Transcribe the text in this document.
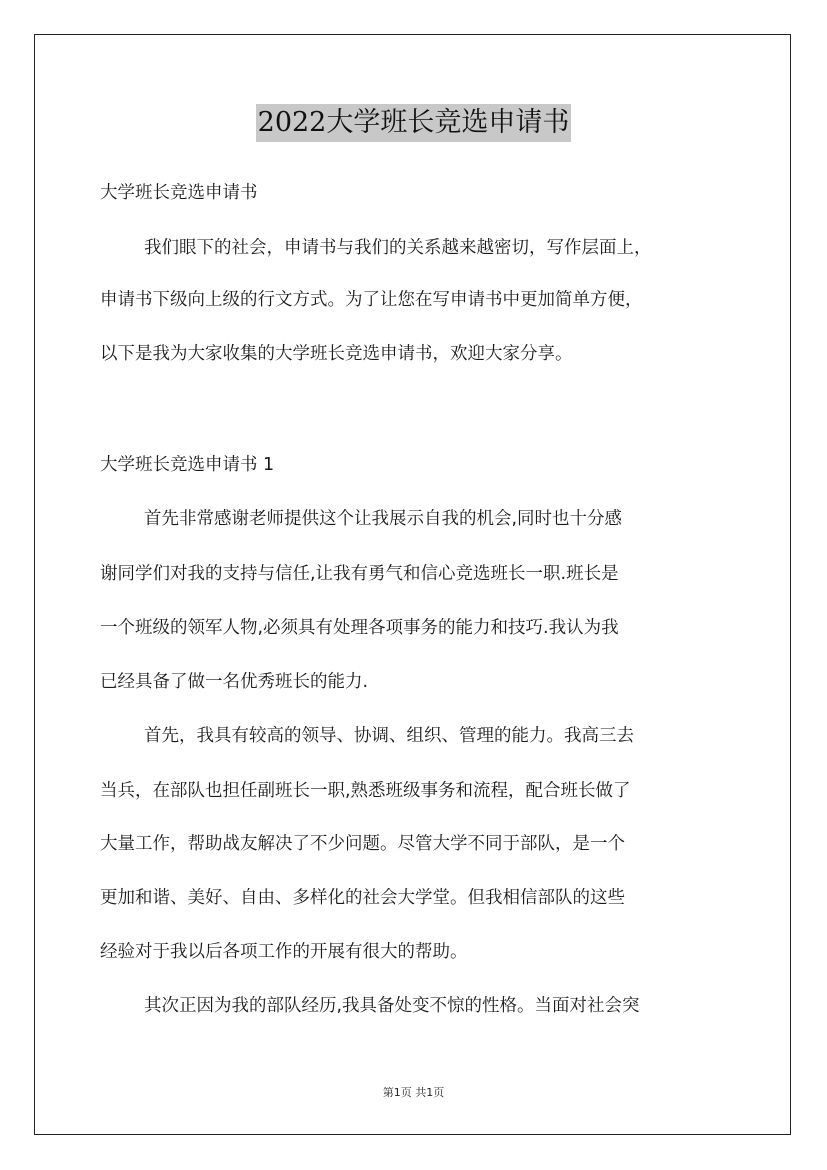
2022大学班长竞选申请书
大学班长竞选申请书
我们眼下的社会，申请书与我们的关系越来越密切，写作层面上，
申请书下级向上级的行文方式。为了让您在写申请书中更加简单方便，
以下是我为大家收集的大学班长竞选申请书，欢迎大家分享。
大学班长竞选申请书 1
首先非常感谢老师提供这个让我展示自我的机会,同时也十分感
谢同学们对我的支持与信任,让我有勇气和信心竞选班长一职.班长是
一个班级的领军人物,必须具有处理各项事务的能力和技巧.我认为我
已经具备了做一名优秀班长的能力.
首先，我具有较高的领导、协调、组织、管理的能力。我高三去
当兵，在部队也担任副班长一职,熟悉班级事务和流程，配合班长做了
大量工作，帮助战友解决了不少问题。尽管大学不同于部队，是一个
更加和谐、美好、自由、多样化的社会大学堂。但我相信部队的这些
经验对于我以后各项工作的开展有很大的帮助。
其次正因为我的部队经历,我具备处变不惊的性格。当面对社会突
第1页 共1页
